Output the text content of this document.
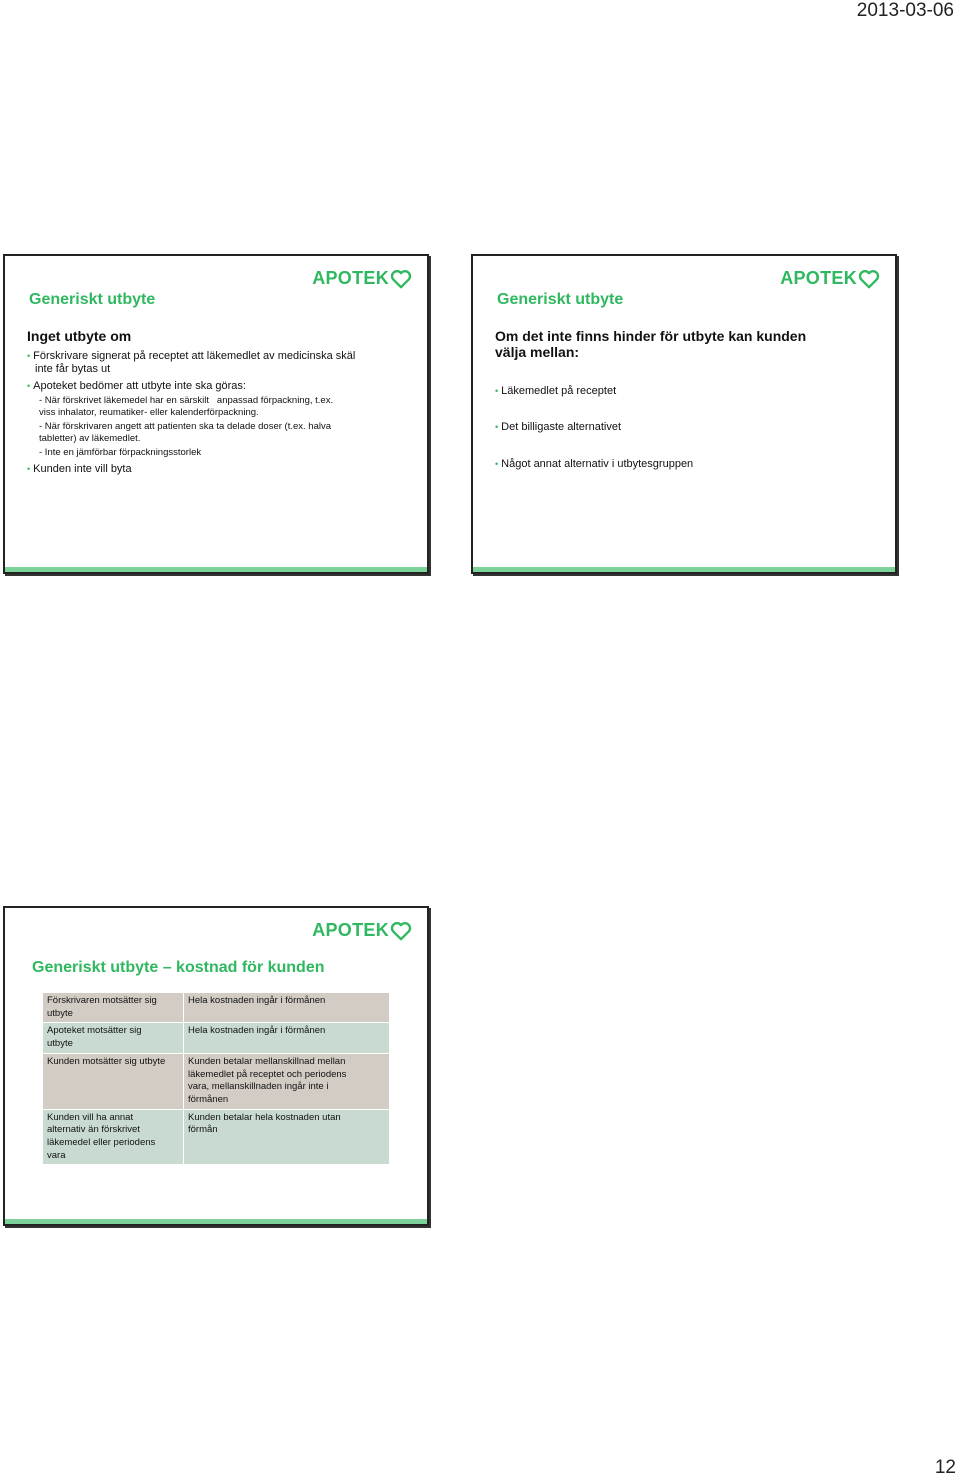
2013-03-06
APOTEK
Generiskt utbyte
Inget utbyte om
• Förskrivare signerat på receptet att läkemedlet av medicinska skäl
inte får bytas ut
• Apoteket bedömer att utbyte inte ska göras:
- När förskrivet läkemedel har en särskilt   anpassad förpackning, t.ex.
viss inhalator, reumatiker- eller kalenderförpackning.
- När förskrivaren angett att patienten ska ta delade doser (t.ex. halva
tabletter) av läkemedlet.
- Inte en jämförbar förpackningsstorlek
• Kunden inte vill byta
APOTEK
Generiskt utbyte
Om det inte finns hinder för utbyte kan kunden
välja mellan:
• Läkemedlet på receptet
• Det billigaste alternativet
• Något annat alternativ i utbytesgruppen
APOTEK
Generiskt utbyte – kostnad för kunden
Förskrivaren motsätter sig
utbyte	Hela kostnaden ingår i förmånen
Apoteket motsätter sig
utbyte	Hela kostnaden ingår i förmånen
Kunden motsätter sig utbyte	Kunden betalar mellanskillnad mellan
läkemedlet på receptet och periodens
vara, mellanskillnaden ingår inte i
förmånen
Kunden vill ha annat
alternativ än förskrivet
läkemedel eller periodens
vara	Kunden betalar hela kostnaden utan
förmån
12
